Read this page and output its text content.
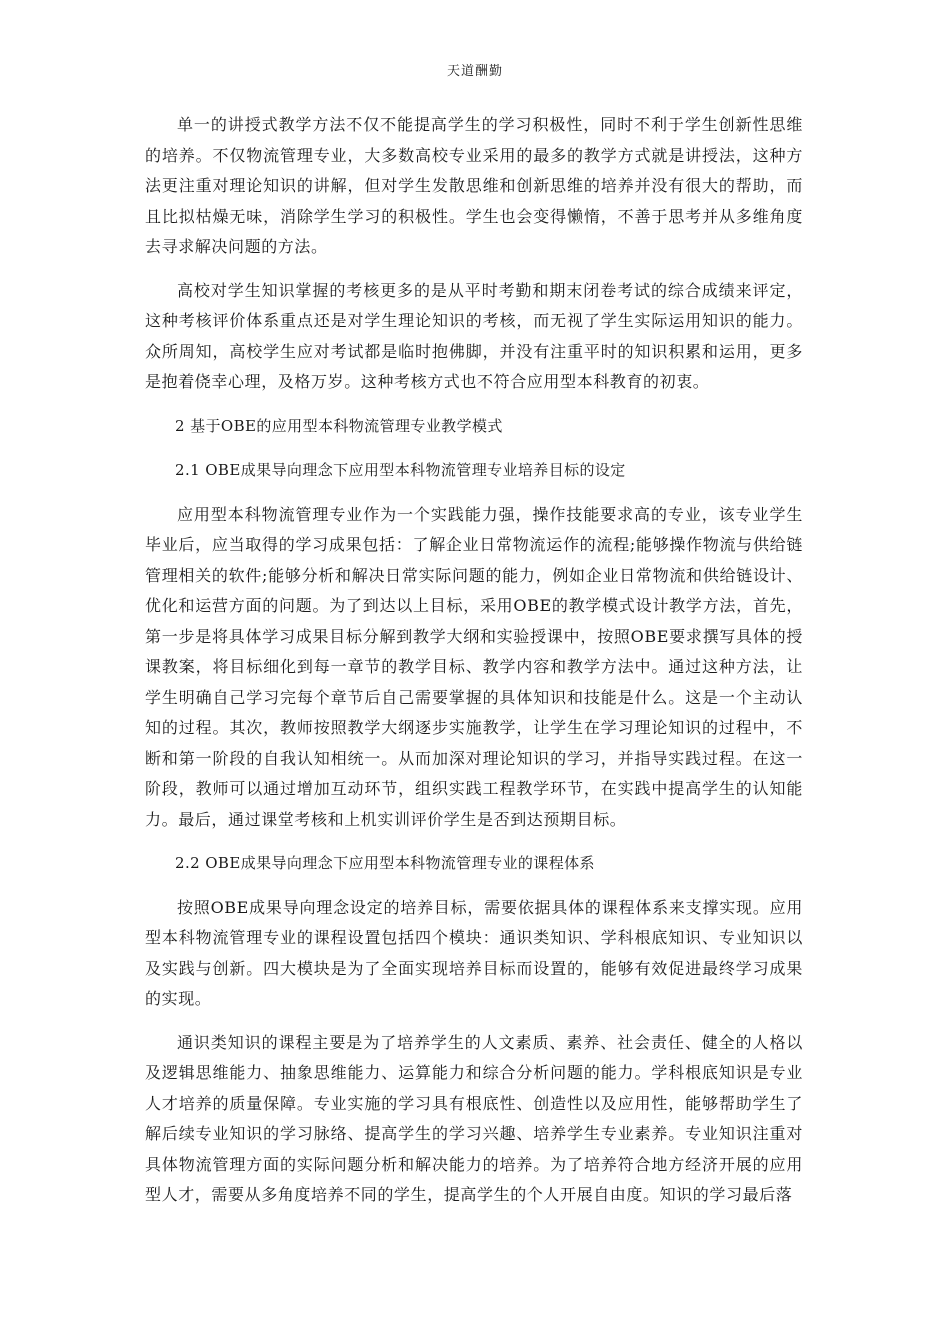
天道酬勤

单一的讲授式教学方法不仅不能提高学生的学习积极性，同时不利于学生创新性思维的培养。不仅物流管理专业，大多数高校专业采用的最多的教学方式就是讲授法，这种方法更注重对理论知识的讲解，但对学生发散思维和创新思维的培养并没有很大的帮助，而且比拟枯燥无味，消除学生学习的积极性。学生也会变得懒惰，不善于思考并从多维角度去寻求解决问题的方法。

高校对学生知识掌握的考核更多的是从平时考勤和期末闭卷考试的综合成绩来评定，这种考核评价体系重点还是对学生理论知识的考核，而无视了学生实际运用知识的能力。众所周知，高校学生应对考试都是临时抱佛脚，并没有注重平时的知识积累和运用，更多是抱着侥幸心理，及格万岁。这种考核方式也不符合应用型本科教育的初衷。

2 基于OBE的应用型本科物流管理专业教学模式

2.1 OBE成果导向理念下应用型本科物流管理专业培养目标的设定

应用型本科物流管理专业作为一个实践能力强，操作技能要求高的专业，该专业学生毕业后，应当取得的学习成果包括：了解企业日常物流运作的流程;能够操作物流与供给链管理相关的软件;能够分析和解决日常实际问题的能力，例如企业日常物流和供给链设计、优化和运营方面的问题。为了到达以上目标，采用OBE的教学模式设计教学方法，首先，第一步是将具体学习成果目标分解到教学大纲和实验授课中，按照OBE要求撰写具体的授课教案，将目标细化到每一章节的教学目标、教学内容和教学方法中。通过这种方法，让学生明确自己学习完每个章节后自己需要掌握的具体知识和技能是什么。这是一个主动认知的过程。其次，教师按照教学大纲逐步实施教学，让学生在学习理论知识的过程中，不断和第一阶段的自我认知相统一。从而加深对理论知识的学习，并指导实践过程。在这一阶段，教师可以通过增加互动环节，组织实践工程教学环节，在实践中提高学生的认知能力。最后，通过课堂考核和上机实训评价学生是否到达预期目标。

2.2 OBE成果导向理念下应用型本科物流管理专业的课程体系

按照OBE成果导向理念设定的培养目标，需要依据具体的课程体系来支撑实现。应用型本科物流管理专业的课程设置包括四个模块：通识类知识、学科根底知识、专业知识以及实践与创新。四大模块是为了全面实现培养目标而设置的，能够有效促进最终学习成果的实现。

通识类知识的课程主要是为了培养学生的人文素质、素养、社会责任、健全的人格以及逻辑思维能力、抽象思维能力、运算能力和综合分析问题的能力。学科根底知识是专业人才培养的质量保障。专业实施的学习具有根底性、创造性以及应用性，能够帮助学生了解后续专业知识的学习脉络、提高学生的学习兴趣、培养学生专业素养。专业知识注重对具体物流管理方面的实际问题分析和解决能力的培养。为了培养符合地方经济开展的应用型人才，需要从多角度培养不同的学生，提高学生的个人开展自由度。知识的学习最后落
